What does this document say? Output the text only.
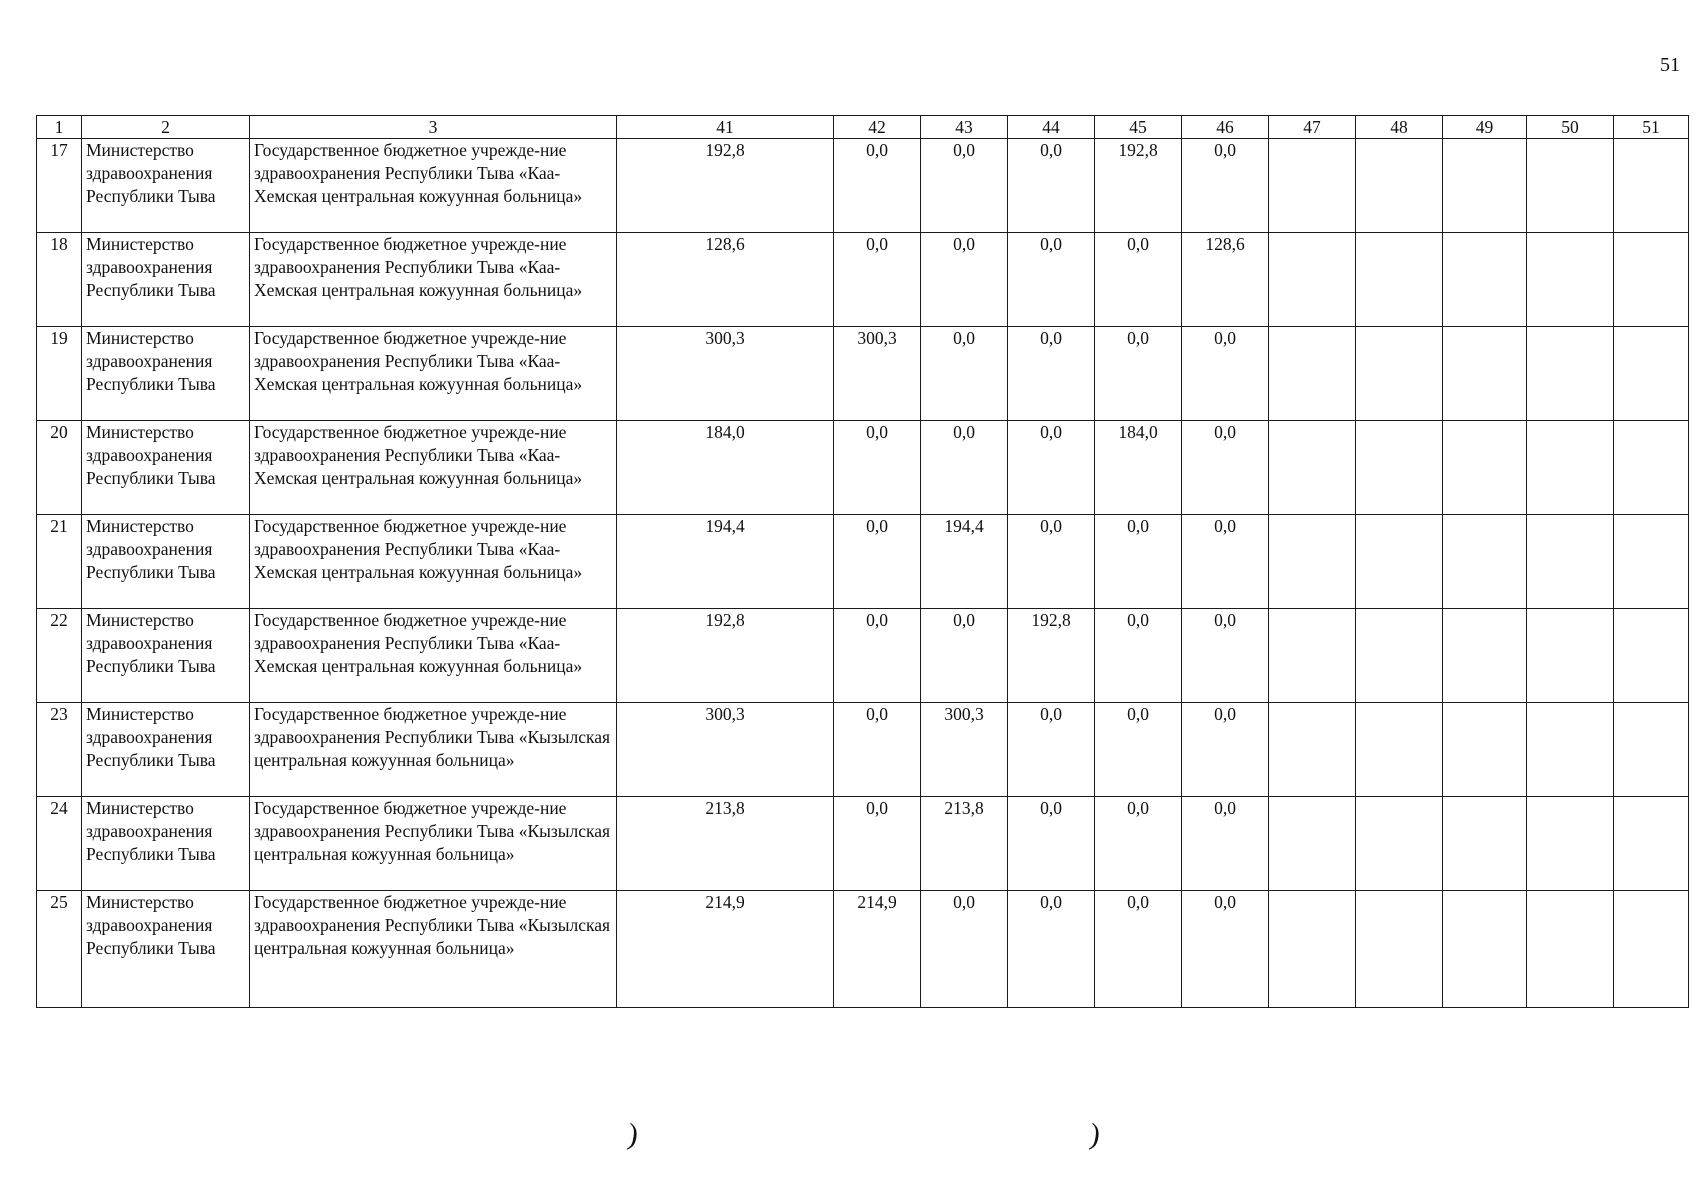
51
1	2	3	41	42	43	44	45	46	47	48	49	50	51
17	Министерство здравоохранения Республики Тыва	Государственное бюджетное учрежде-ние здравоохранения Республики Тыва «Каа-Хемская центральная кожуунная больница»	192,8	0,0	0,0	0,0	192,8	0,0					
18	Министерство здравоохранения Республики Тыва	Государственное бюджетное учрежде-ние здравоохранения Республики Тыва «Каа-Хемская центральная кожуунная больница»	128,6	0,0	0,0	0,0	0,0	128,6					
19	Министерство здравоохранения Республики Тыва	Государственное бюджетное учрежде-ние здравоохранения Республики Тыва «Каа-Хемская центральная кожуунная больница»	300,3	300,3	0,0	0,0	0,0	0,0					
20	Министерство здравоохранения Республики Тыва	Государственное бюджетное учрежде-ние здравоохранения Республики Тыва «Каа-Хемская центральная кожуунная больница»	184,0	0,0	0,0	0,0	184,0	0,0					
21	Министерство здравоохранения Республики Тыва	Государственное бюджетное учрежде-ние здравоохранения Республики Тыва «Каа-Хемская центральная кожуунная больница»	194,4	0,0	194,4	0,0	0,0	0,0					
22	Министерство здравоохранения Республики Тыва	Государственное бюджетное учрежде-ние здравоохранения Республики Тыва «Каа-Хемская центральная кожуунная больница»	192,8	0,0	0,0	192,8	0,0	0,0					
23	Министерство здравоохранения Республики Тыва	Государственное бюджетное учрежде-ние здравоохранения Республики Тыва «Кызылская центральная кожуунная больница»	300,3	0,0	300,3	0,0	0,0	0,0					
24	Министерство здравоохранения Республики Тыва	Государственное бюджетное учрежде-ние здравоохранения Республики Тыва «Кызылская центральная кожуунная больница»	213,8	0,0	213,8	0,0	0,0	0,0					
25	Министерство здравоохранения Республики Тыва	Государственное бюджетное учрежде-ние здравоохранения Республики Тыва «Кызылская центральная кожуунная больница»	214,9	214,9	0,0	0,0	0,0	0,0					
)	)
